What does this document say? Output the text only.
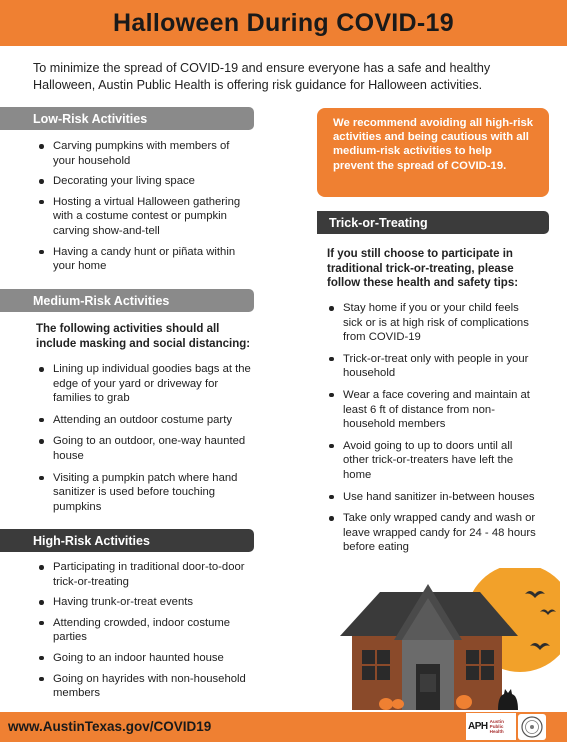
Halloween During COVID-19

To minimize the spread of COVID-19 and ensure everyone has a safe and healthy Halloween, Austin Public Health is offering risk guidance for Halloween activities.

Low-Risk Activities
Carving pumpkins with members of your household
Decorating your living space
Hosting a virtual Halloween gathering with a costume contest or pumpkin carving show-and-tell
Having a candy hunt or piñata within your home
Medium-Risk Activities

The following activities should all include masking and social distancing:

Lining up individual goodies bags at the edge of your yard or driveway for families to grab
Attending an outdoor costume party
Going to an outdoor, one-way haunted house
Visiting a pumpkin patch where hand sanitizer is used before touching pumpkins
High-Risk Activities
Participating in traditional door-to-door trick-or-treating
Having trunk-or-treat events
Attending crowded, indoor costume parties
Going to an indoor haunted house
Going on hayrides with non-household members

We recommend avoiding all high-risk activities and being cautious with all medium-risk activities to help prevent the spread of COVID-19.

Trick-or-Treating

If you still choose to participate in traditional trick-or-treating, please follow these health and safety tips:

Stay home if you or your child feels sick or is at high risk of complications from COVID-19
Trick-or-treat only with people in your household
Wear a face covering and maintain at least 6 ft of distance from non-household members
Avoid going to up to doors until all other trick-or-treaters have left the home
Use hand sanitizer in-between houses
Take only wrapped candy and wash or leave wrapped candy for 24 - 48 hours before eating
www.AustinTexas.gov/COVID19	APH Austin
Public
Health
